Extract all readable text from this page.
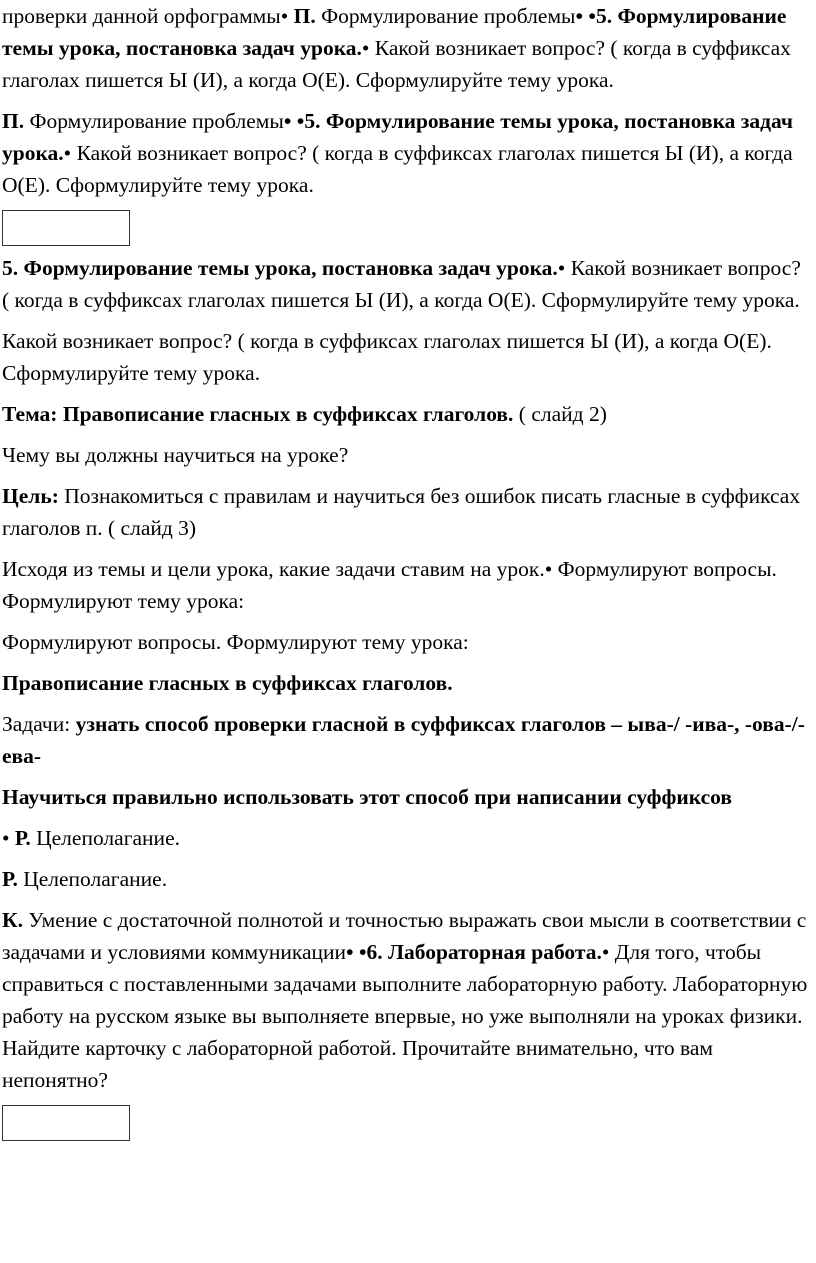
проверки данной орфограммы• П. Формулирование проблемы• •5. Формулирование темы урока, постановка задач урока.• Какой возникает вопрос? ( когда в суффиксах глаголах пишется Ы (И), а когда О(Е). Сформулируйте тему урока.

П. Формулирование проблемы• •5. Формулирование темы урока, постановка задач урока.• Какой возникает вопрос? ( когда в суффиксах глаголах пишется Ы (И), а когда О(Е). Сформулируйте тему урока.

5. Формулирование темы урока, постановка задач урока.• Какой возникает вопрос? ( когда в суффиксах глаголах пишется Ы (И), а когда О(Е). Сформулируйте тему урока.

Какой возникает вопрос? ( когда в суффиксах глаголах пишется Ы (И), а когда О(Е). Сформулируйте тему урока.

Тема: Правописание гласных в суффиксах глаголов. ( слайд 2)

Чему вы должны научиться на уроке?

Цель: Познакомиться с правилам и научиться без ошибок писать гласные в суффиксах глаголов п. ( слайд 3)

Исходя из темы и цели урока, какие задачи ставим на урок.• Формулируют вопросы. Формулируют тему урока:

Формулируют вопросы. Формулируют тему урока:

Правописание гласных в суффиксах глаголов.

Задачи: узнать способ проверки гласной в суффиксах глаголов – ыва-/ -ива-, -ова-/-ева-

Научиться правильно использовать этот способ при написании суффиксов

• Р. Целеполагание.

Р. Целеполагание.

К. Умение с достаточной полнотой и точностью выражать свои мысли в соответствии с задачами и условиями коммуникации• •6. Лабораторная работа.• Для того, чтобы справиться с поставленными задачами выполните лабораторную работу. Лабораторную работу на русском языке вы выполняете впервые, но уже выполняли на уроках физики. Найдите карточку с лабораторной работой. Прочитайте внимательно, что вам непонятно?
